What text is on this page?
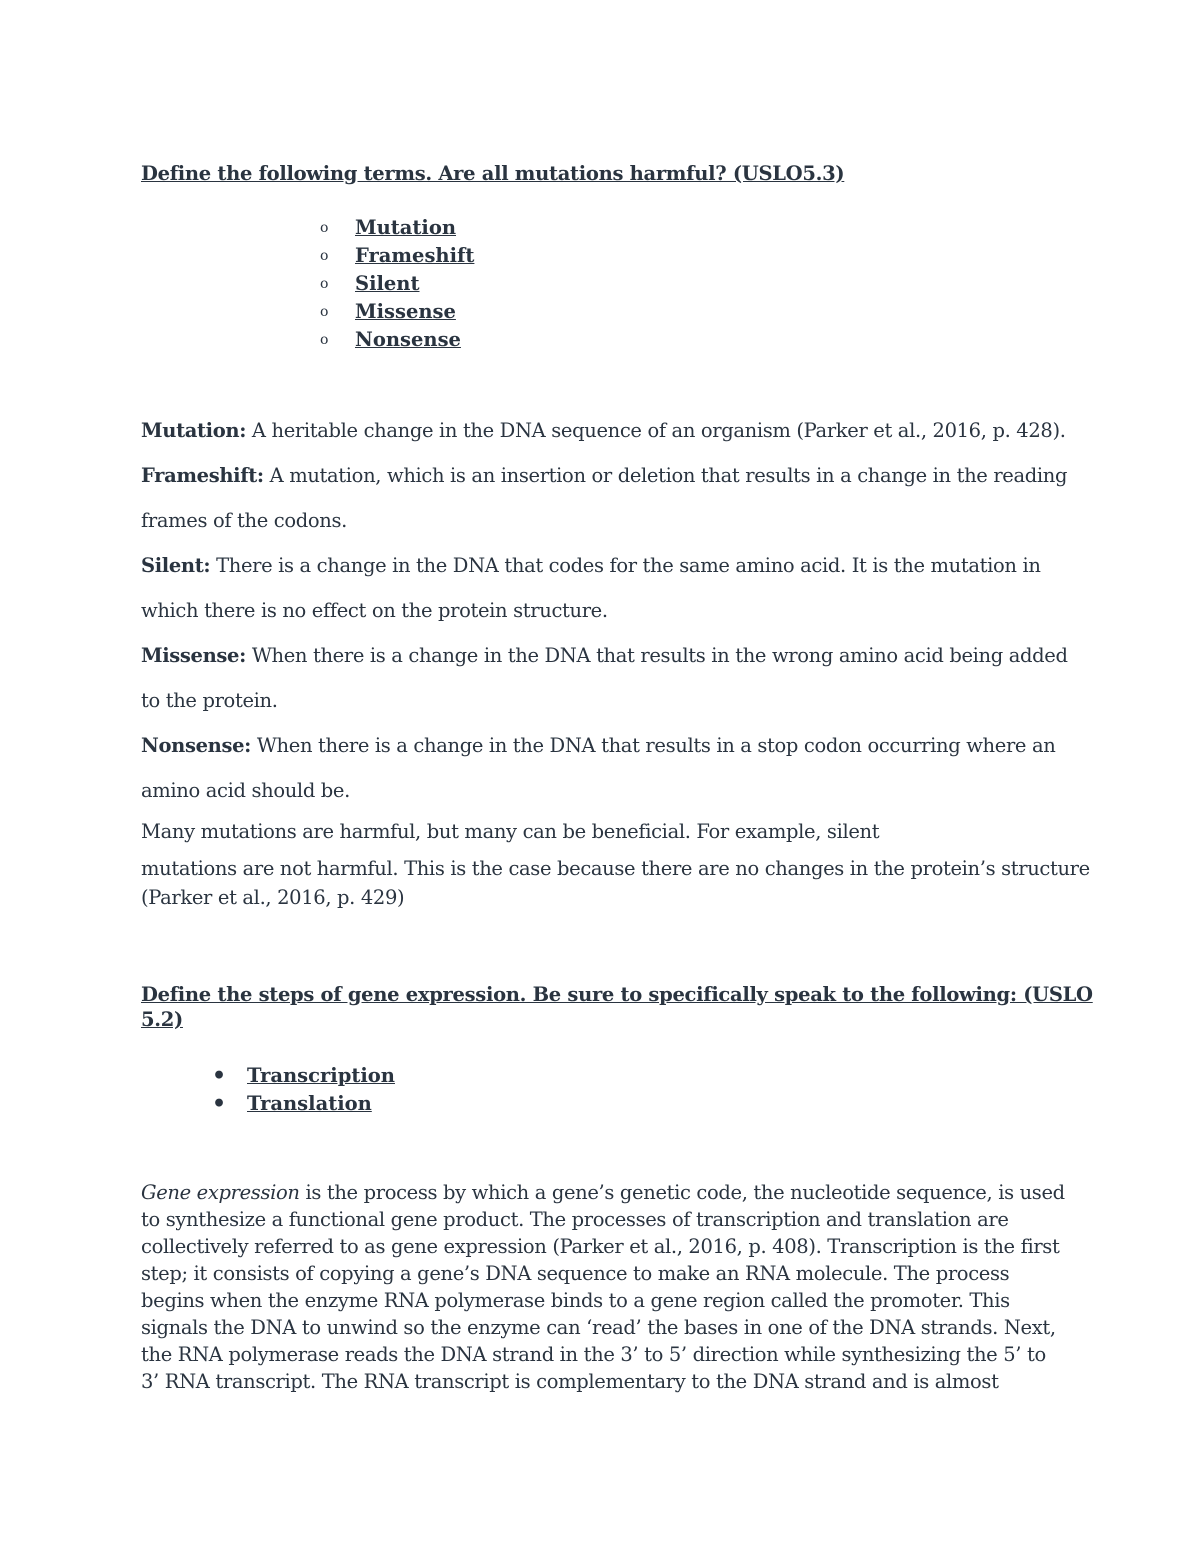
Define the following terms. Are all mutations harmful? (USLO5.3)
o Mutation
o Frameshift
o Silent
o Missense
o Nonsense
Mutation: A heritable change in the DNA sequence of an organism (Parker et al., 2016, p. 428).
Frameshift: A mutation, which is an insertion or deletion that results in a change in the reading
frames of the codons.
Silent: There is a change in the DNA that codes for the same amino acid. It is the mutation in
which there is no effect on the protein structure.
Missense: When there is a change in the DNA that results in the wrong amino acid being added
to the protein.
Nonsense: When there is a change in the DNA that results in a stop codon occurring where an
amino acid should be.
Many mutations are harmful, but many can be beneficial. For example, silent
mutations are not harmful. This is the case because there are no changes in the protein’s structure
(Parker et al., 2016, p. 429)
Define the steps of gene expression. Be sure to specifically speak to the following: (USLO
5.2)
• Transcription
• Translation
Gene expression is the process by which a gene’s genetic code, the nucleotide sequence, is used
to synthesize a functional gene product. The processes of transcription and translation are
collectively referred to as gene expression (Parker et al., 2016, p. 408). Transcription is the first
step; it consists of copying a gene’s DNA sequence to make an RNA molecule. The process
begins when the enzyme RNA polymerase binds to a gene region called the promoter. This
signals the DNA to unwind so the enzyme can ‘read’ the bases in one of the DNA strands. Next,
the RNA polymerase reads the DNA strand in the 3’ to 5’ direction while synthesizing the 5’ to
3’ RNA transcript. The RNA transcript is complementary to the DNA strand and is almost
